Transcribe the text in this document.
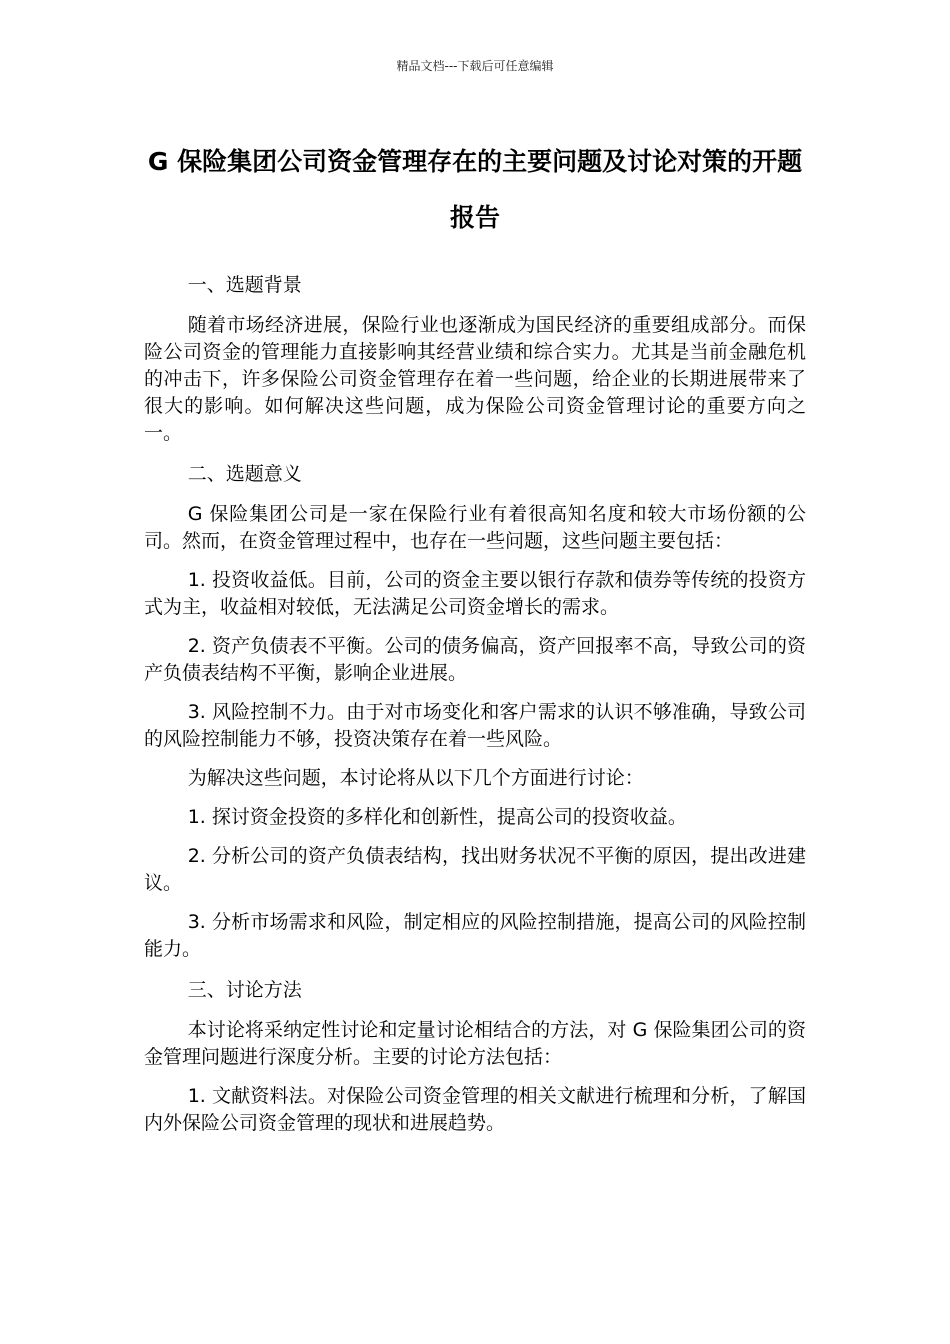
精品文档---下载后可任意编辑
G 保险集团公司资金管理存在的主要问题及讨论对策的开题报告

一、选题背景

随着市场经济进展，保险行业也逐渐成为国民经济的重要组成部分。而保险公司资金的管理能力直接影响其经营业绩和综合实力。尤其是当前金融危机的冲击下，许多保险公司资金管理存在着一些问题，给企业的长期进展带来了很大的影响。如何解决这些问题，成为保险公司资金管理讨论的重要方向之一。

二、选题意义

G 保险集团公司是一家在保险行业有着很高知名度和较大市场份额的公司。然而，在资金管理过程中，也存在一些问题，这些问题主要包括：

1. 投资收益低。目前，公司的资金主要以银行存款和债券等传统的投资方式为主，收益相对较低，无法满足公司资金增长的需求。

2. 资产负债表不平衡。公司的债务偏高，资产回报率不高，导致公司的资产负债表结构不平衡，影响企业进展。

3. 风险控制不力。由于对市场变化和客户需求的认识不够准确，导致公司的风险控制能力不够，投资决策存在着一些风险。

为解决这些问题，本讨论将从以下几个方面进行讨论：

1. 探讨资金投资的多样化和创新性，提高公司的投资收益。

2. 分析公司的资产负债表结构，找出财务状况不平衡的原因，提出改进建议。

3. 分析市场需求和风险，制定相应的风险控制措施，提高公司的风险控制能力。

三、讨论方法

本讨论将采纳定性讨论和定量讨论相结合的方法，对 G 保险集团公司的资金管理问题进行深度分析。主要的讨论方法包括：

1. 文献资料法。对保险公司资金管理的相关文献进行梳理和分析，了解国内外保险公司资金管理的现状和进展趋势。
